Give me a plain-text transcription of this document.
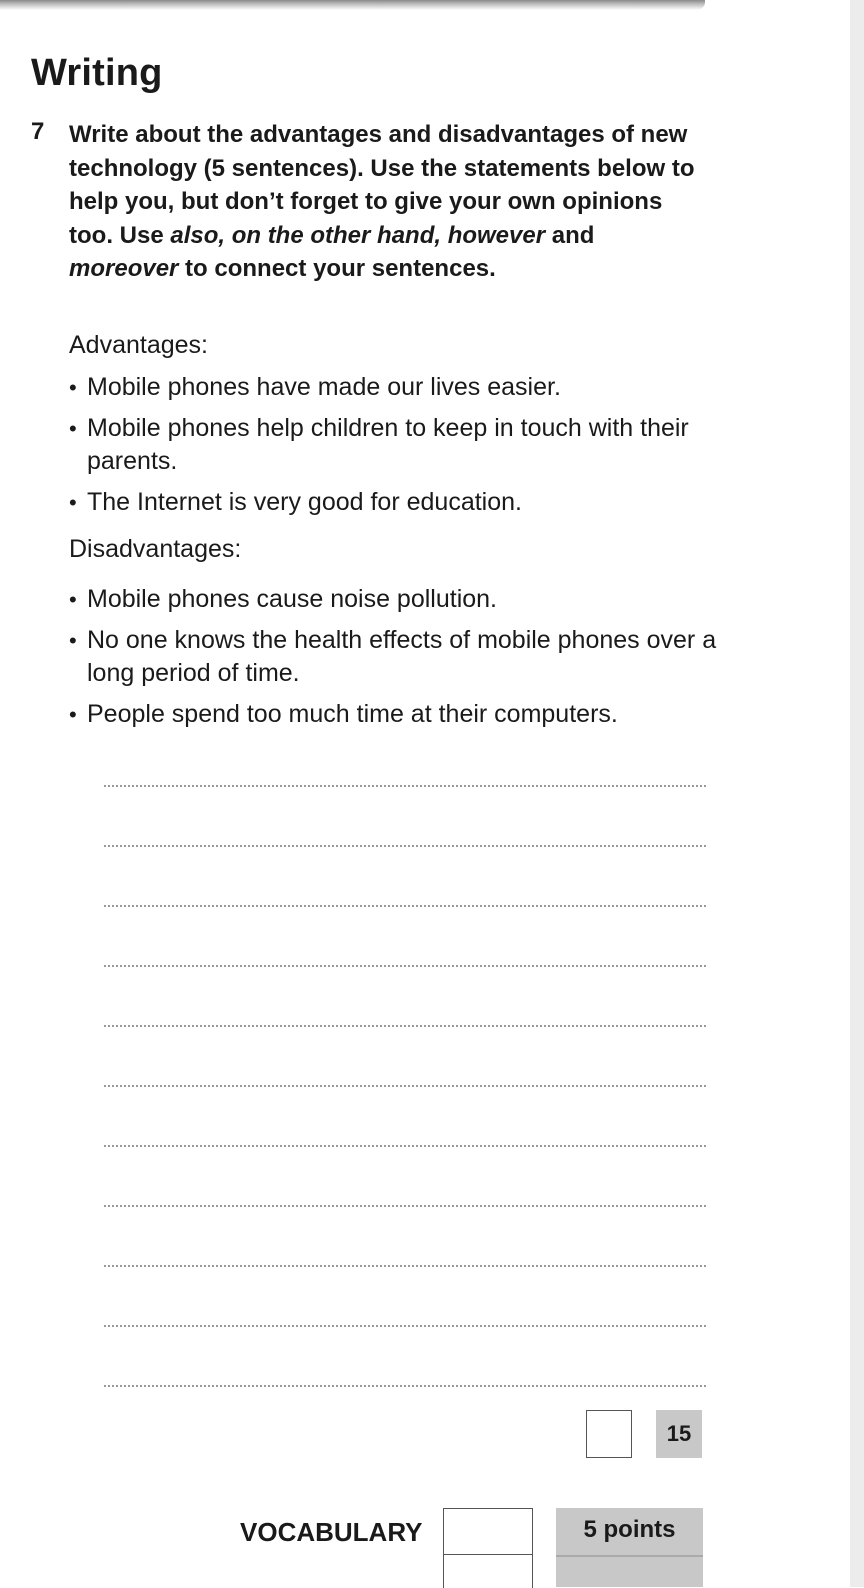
Writing
7 Write about the advantages and disadvantages of new technology (5 sentences). Use the statements below to help you, but don’t forget to give your own opinions too. Use also, on the other hand, however and moreover to connect your sentences.

Advantages:
• Mobile phones have made our lives easier.
• Mobile phones help children to keep in touch with their parents.
• The Internet is very good for education.
Disadvantages:
• Mobile phones cause noise pollution.
• No one knows the health effects of mobile phones over a long period of time.
• People spend too much time at their computers.
15
VOCABULARY	5 points
